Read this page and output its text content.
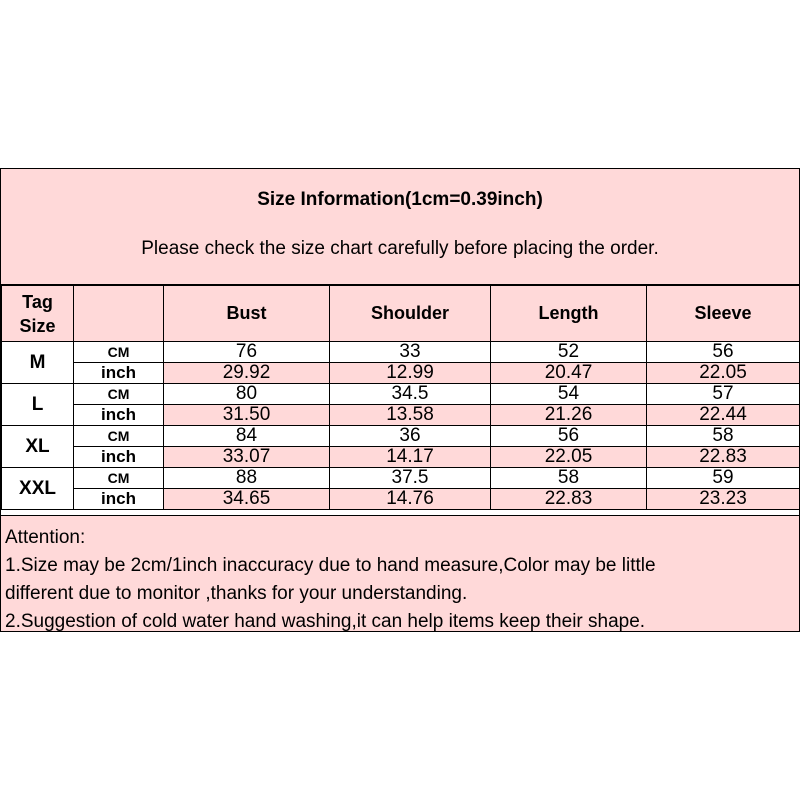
Size Information(1cm=0.39inch)
Please check the size chart carefully before placing the order.
Tag
Size		Bust	Shoulder	Length	Sleeve
M	CM	76	33	52	56
	inch	29.92	12.99	20.47	22.05
L	CM	80	34.5	54	57
	inch	31.50	13.58	21.26	22.44
XL	CM	84	36	56	58
	inch	33.07	14.17	22.05	22.83
XXL	CM	88	37.5	58	59
	inch	34.65	14.76	22.83	23.23
Attention:
1.Size may be 2cm/1inch inaccuracy due to hand measure,Color may be little
different due to monitor ,thanks for your understanding.
2.Suggestion of cold water hand washing,it can help items keep their shape.
